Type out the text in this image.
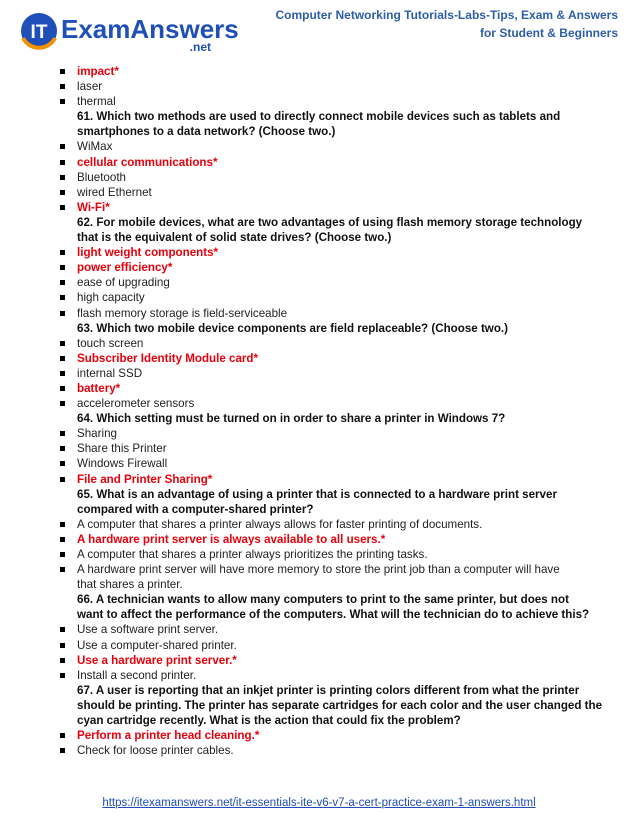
IT ExamAnswers
.net
Computer Networking Tutorials-Labs-Tips, Exam & Answers
for Student & Beginners
impact*
laser
thermal
61. Which two methods are used to directly connect mobile devices such as tablets and
smartphones to a data network? (Choose two.)
WiMax
cellular communications*
Bluetooth
wired Ethernet
Wi-Fi*
62. For mobile devices, what are two advantages of using flash memory storage technology
that is the equivalent of solid state drives? (Choose two.)
light weight components*
power efficiency*
ease of upgrading
high capacity
flash memory storage is field-serviceable
63. Which two mobile device components are field replaceable? (Choose two.)
touch screen
Subscriber Identity Module card*
internal SSD
battery*
accelerometer sensors
64. Which setting must be turned on in order to share a printer in Windows 7?
Sharing
Share this Printer
Windows Firewall
File and Printer Sharing*
65. What is an advantage of using a printer that is connected to a hardware print server
compared with a computer-shared printer?
A computer that shares a printer always allows for faster printing of documents.
A hardware print server is always available to all users.*
A computer that shares a printer always prioritizes the printing tasks.
A hardware print server will have more memory to store the print job than a computer will have
that shares a printer.
66. A technician wants to allow many computers to print to the same printer, but does not
want to affect the performance of the computers. What will the technician do to achieve this?
Use a software print server.
Use a computer-shared printer.
Use a hardware print server.*
Install a second printer.
67. A user is reporting that an inkjet printer is printing colors different from what the printer
should be printing. The printer has separate cartridges for each color and the user changed the
cyan cartridge recently. What is the action that could fix the problem?
Perform a printer head cleaning.*
Check for loose printer cables.
https://itexamanswers.net/it-essentials-ite-v6-v7-a-cert-practice-exam-1-answers.html
